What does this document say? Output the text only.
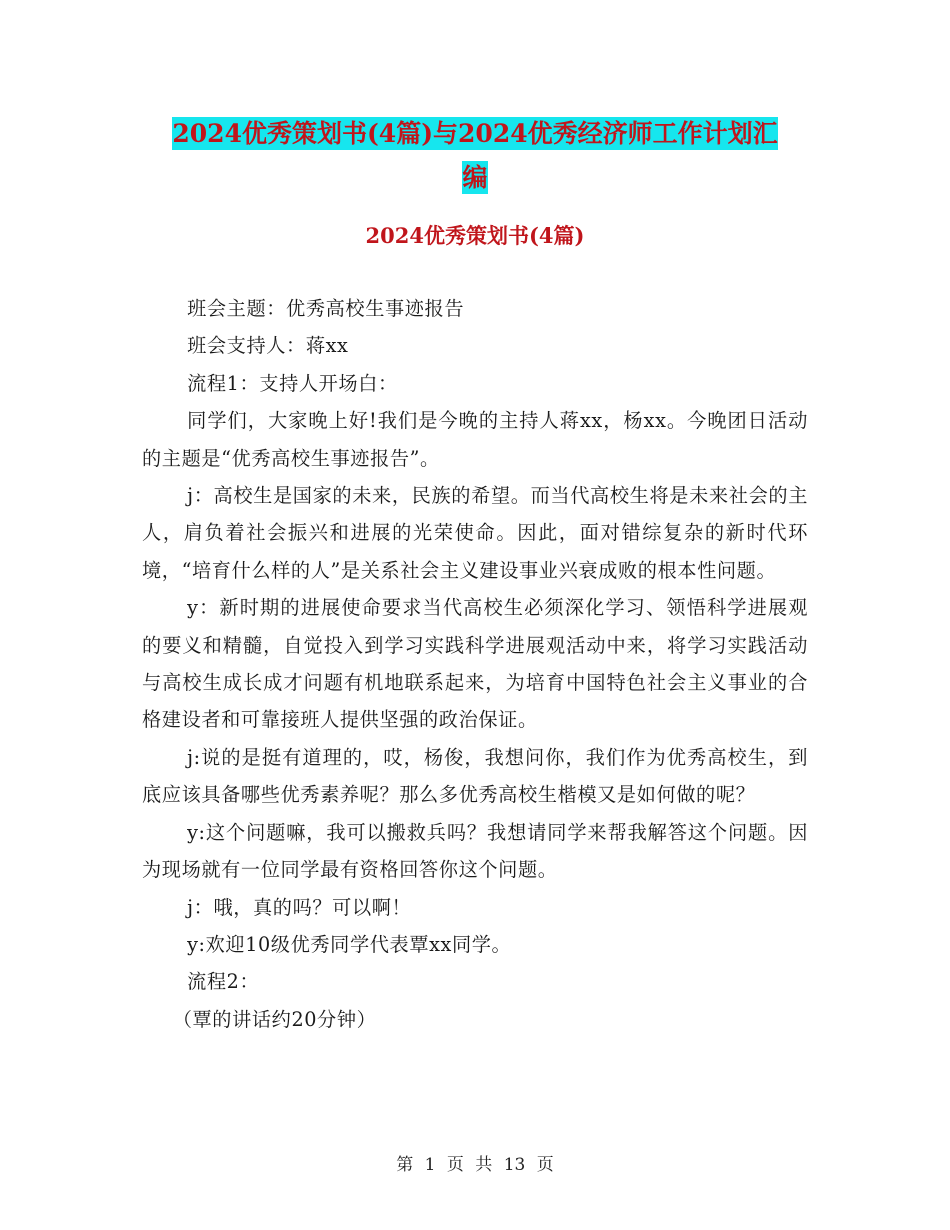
2024优秀策划书(4篇)与2024优秀经济师工作计划汇
编
2024优秀策划书(4篇)

班会主题：优秀高校生事迹报告

班会支持人：蒋xx

流程1：支持人开场白：

同学们，大家晚上好!我们是今晚的主持人蒋xx，杨xx。今晚团日活动的主题是“优秀高校生事迹报告”。

j：高校生是国家的未来，民族的希望。而当代高校生将是未来社会的主人，肩负着社会振兴和进展的光荣使命。因此，面对错综复杂的新时代环境，“培育什么样的人”是关系社会主义建设事业兴衰成败的根本性问题。

y：新时期的进展使命要求当代高校生必须深化学习、领悟科学进展观的要义和精髓，自觉投入到学习实践科学进展观活动中来，将学习实践活动与高校生成长成才问题有机地联系起来，为培育中国特色社会主义事业的合格建设者和可靠接班人提供坚强的政治保证。

j:说的是挺有道理的，哎，杨俊，我想问你，我们作为优秀高校生，到底应该具备哪些优秀素养呢？那么多优秀高校生楷模又是如何做的呢？

y:这个问题嘛，我可以搬救兵吗？我想请同学来帮我解答这个问题。因为现场就有一位同学最有资格回答你这个问题。

j：哦，真的吗？可以啊！

y:欢迎10级优秀同学代表覃xx同学。

流程2：

（覃的讲话约20分钟）

第 1 页 共 13 页
